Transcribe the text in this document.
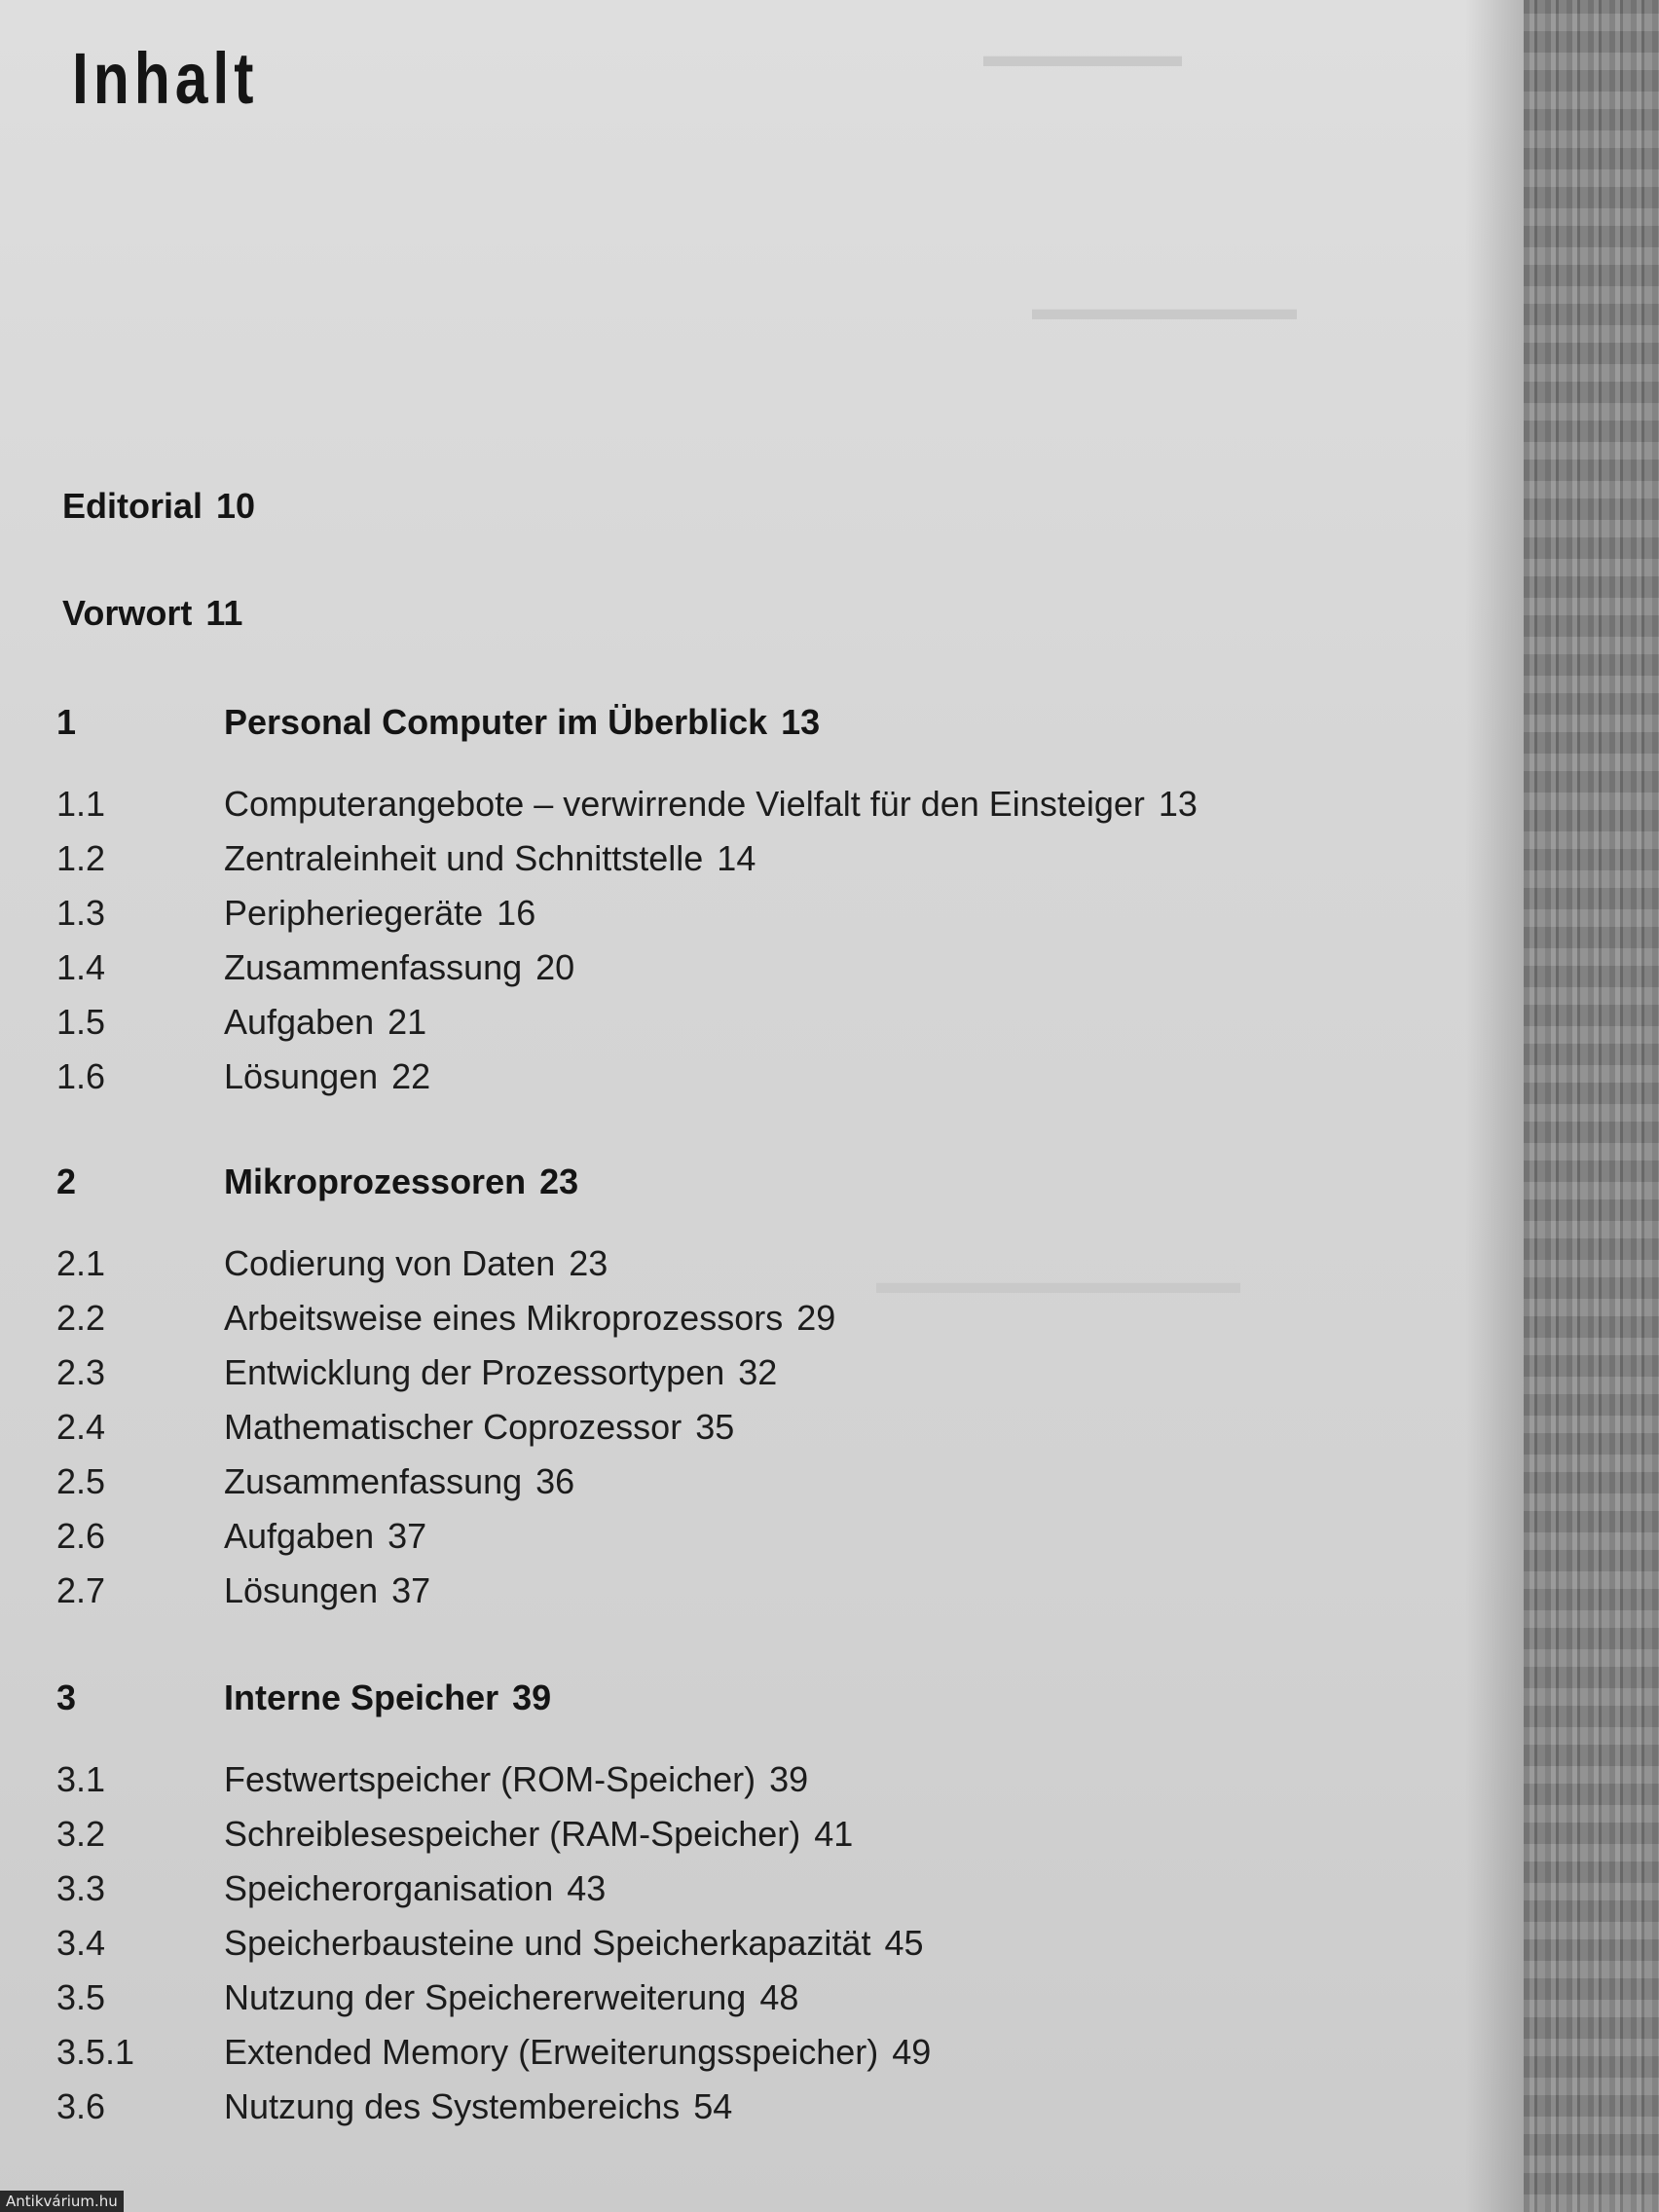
▬▬▬▬▬▬
▬▬▬▬▬▬▬▬
▬▬▬▬▬▬▬▬▬▬▬
Inhalt
Editorial 10
Vorwort 11
1	Personal Computer im Überblick 13
1.1	Computerangebote – verwirrende Vielfalt für den Einsteiger 13
1.2	Zentraleinheit und Schnittstelle 14
1.3	Peripheriegeräte 16
1.4	Zusammenfassung 20
1.5	Aufgaben 21
1.6	Lösungen 22
2	Mikroprozessoren 23
2.1	Codierung von Daten 23
2.2	Arbeitsweise eines Mikroprozessors 29
2.3	Entwicklung der Prozessortypen 32
2.4	Mathematischer Coprozessor 35
2.5	Zusammenfassung 36
2.6	Aufgaben 37
2.7	Lösungen 37
3	Interne Speicher 39
3.1	Festwertspeicher (ROM-Speicher) 39
3.2	Schreiblesespeicher (RAM-Speicher) 41
3.3	Speicherorganisation 43
3.4	Speicherbausteine und Speicherkapazität 45
3.5	Nutzung der Speichererweiterung 48
3.5.1	Extended Memory (Erweiterungsspeicher) 49
3.6	Nutzung des Systembereichs 54
Antikvárium.hu
